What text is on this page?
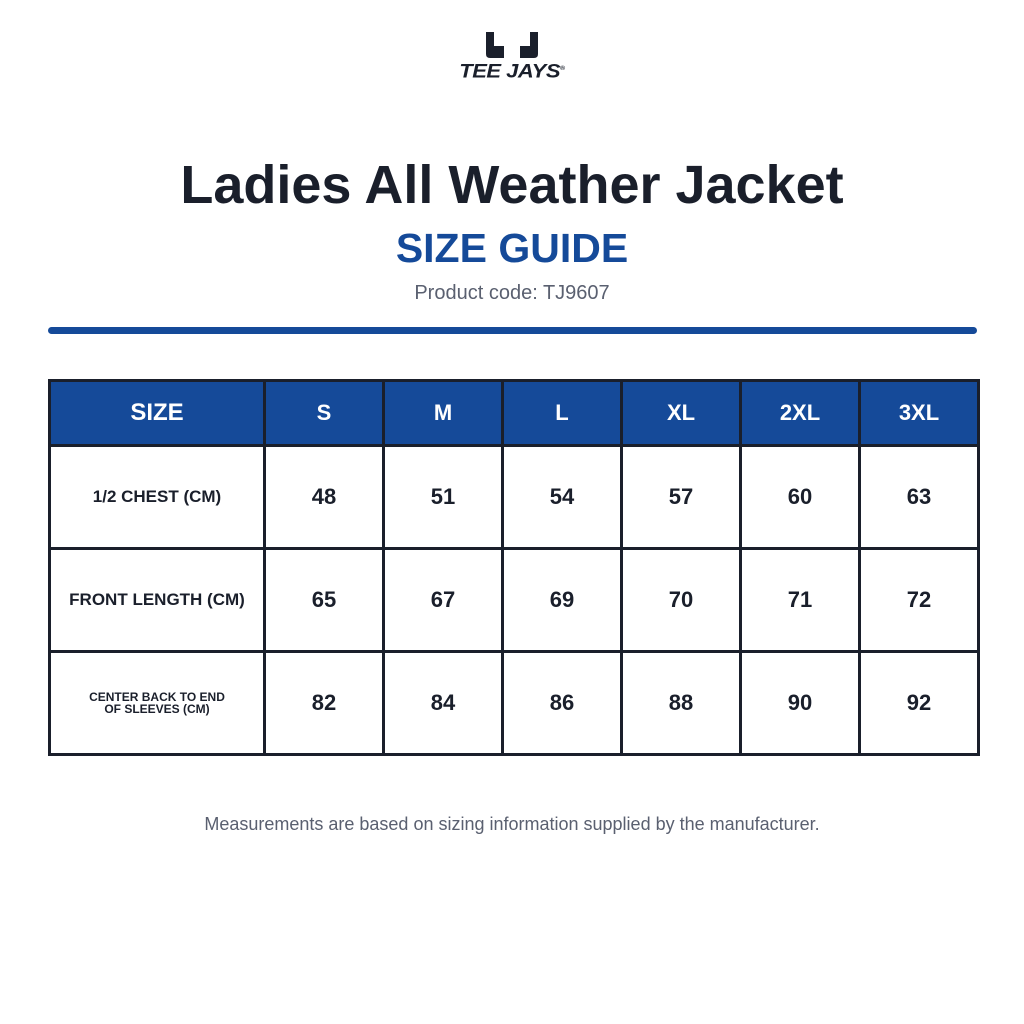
TEE JAYS®
Ladies All Weather Jacket
SIZE GUIDE
Product code: TJ9607
SIZE	S	M	L	XL	2XL	3XL
1/2 CHEST (CM)	48	51	54	57	60	63
FRONT LENGTH (CM)	65	67	69	70	71	72
CENTER BACK TO END
OF SLEEVES (CM)	82	84	86	88	90	92
Measurements are based on sizing information supplied by the manufacturer.
